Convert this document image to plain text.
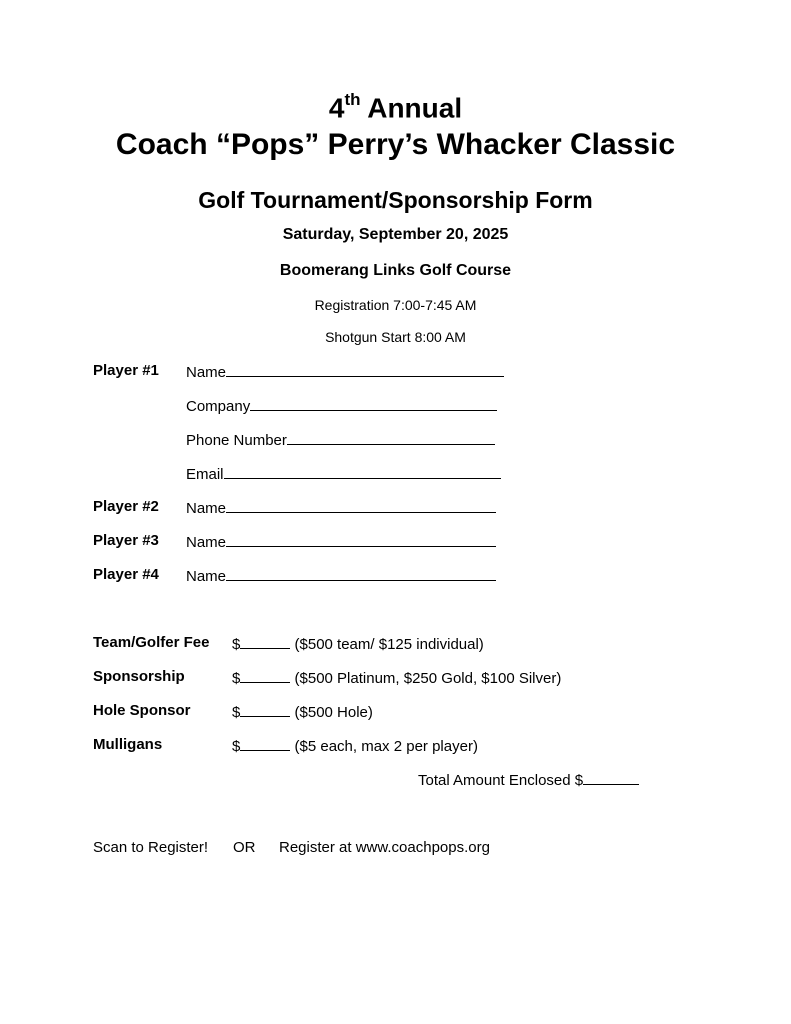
4th Annual
Coach “Pops” Perry’s Whacker Classic
Golf Tournament/Sponsorship Form
Saturday, September 20, 2025
Boomerang Links Golf Course
Registration 7:00-7:45 AM
Shotgun Start 8:00 AM
Player #1 Name
Company
Phone Number
Email
Player #2 Name
Player #3 Name
Player #4 Name
Team/Golfer Fee $	($500 team/ $125 individual)
Sponsorship	$	($500 Platinum, $250 Gold, $100 Silver)
Hole Sponsor	$	($500 Hole)
Mulligans	$	($5 each, max 2 per player)
Total Amount Enclosed $
Scan to Register! OR Register at www.coachpops.org
